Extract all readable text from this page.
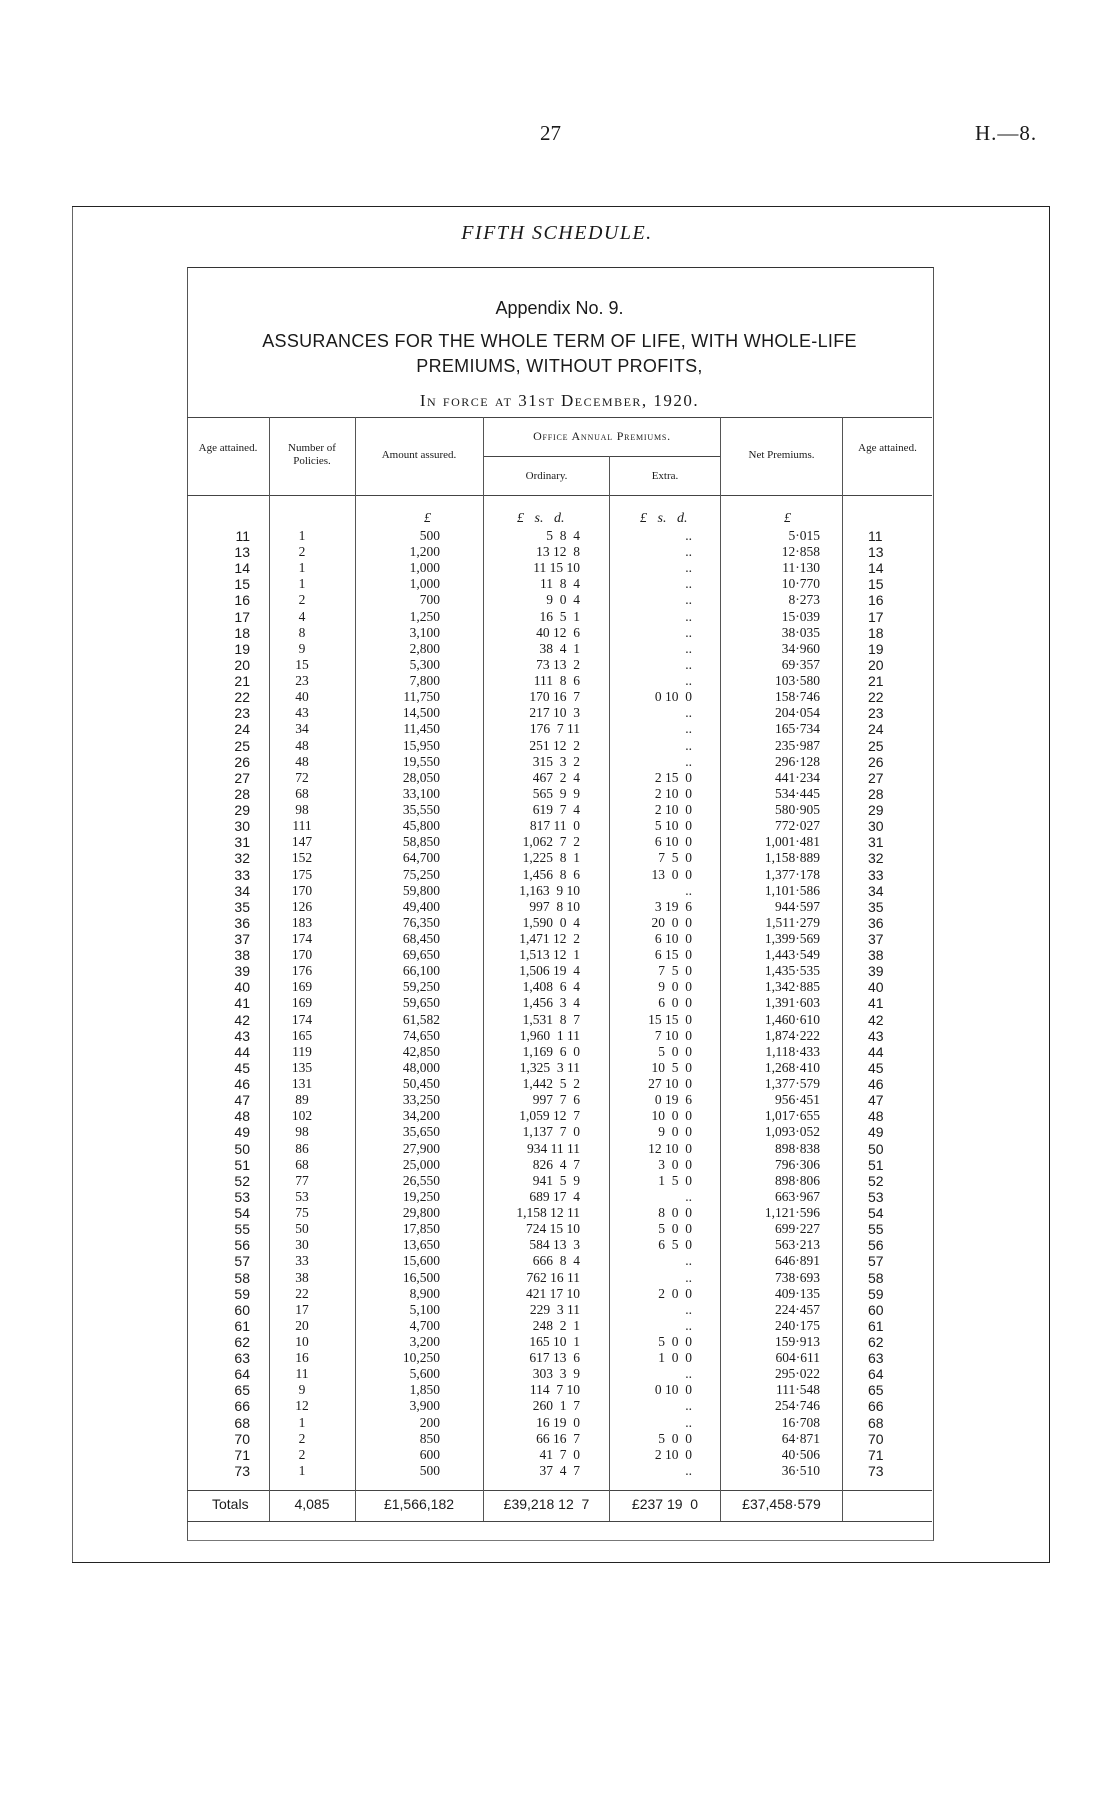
27	H.—8.
FIFTH SCHEDULE.
Appendix No. 9.
ASSURANCES FOR THE WHOLE TERM OF LIFE, WITH WHOLE-LIFE
PREMIUMS, WITHOUT PROFITS,
In force at 31st December, 1920.
Age attained.	Number of Policies.	Amount assured.
Office Annual Premiums.
Ordinary.	Extra.
Net Premiums.
Age attained.
£	£   s.   d.	£   s.   d.	£
11	1	500	5  8  4	..	5·015	11
13	2	1,200	13 12  8	..	12·858	13
14	1	1,000	11 15 10	..	11·130	14
15	1	1,000	11  8  4	..	10·770	15
16	2	700	9  0  4	..	8·273	16
17	4	1,250	16  5  1	..	15·039	17
18	8	3,100	40 12  6	..	38·035	18
19	9	2,800	38  4  1	..	34·960	19
20	15	5,300	73 13  2	..	69·357	20
21	23	7,800	111  8  6	..	103·580	21
22	40	11,750	170 16  7	0 10  0	158·746	22
23	43	14,500	217 10  3	..	204·054	23
24	34	11,450	176  7 11	..	165·734	24
25	48	15,950	251 12  2	..	235·987	25
26	48	19,550	315  3  2	..	296·128	26
27	72	28,050	467  2  4	2 15  0	441·234	27
28	68	33,100	565  9  9	2 10  0	534·445	28
29	98	35,550	619  7  4	2 10  0	580·905	29
30	111	45,800	817 11  0	5 10  0	772·027	30
31	147	58,850	1,062  7  2	6 10  0	1,001·481	31
32	152	64,700	1,225  8  1	7  5  0	1,158·889	32
33	175	75,250	1,456  8  6	13  0  0	1,377·178	33
34	170	59,800	1,163  9 10	..	1,101·586	34
35	126	49,400	997  8 10	3 19  6	944·597	35
36	183	76,350	1,590  0  4	20  0  0	1,511·279	36
37	174	68,450	1,471 12  2	6 10  0	1,399·569	37
38	170	69,650	1,513 12  1	6 15  0	1,443·549	38
39	176	66,100	1,506 19  4	7  5  0	1,435·535	39
40	169	59,250	1,408  6  4	9  0  0	1,342·885	40
41	169	59,650	1,456  3  4	6  0  0	1,391·603	41
42	174	61,582	1,531  8  7	15 15  0	1,460·610	42
43	165	74,650	1,960  1 11	7 10  0	1,874·222	43
44	119	42,850	1,169  6  0	5  0  0	1,118·433	44
45	135	48,000	1,325  3 11	10  5  0	1,268·410	45
46	131	50,450	1,442  5  2	27 10  0	1,377·579	46
47	89	33,250	997  7  6	0 19  6	956·451	47
48	102	34,200	1,059 12  7	10  0  0	1,017·655	48
49	98	35,650	1,137  7  0	9  0  0	1,093·052	49
50	86	27,900	934 11 11	12 10  0	898·838	50
51	68	25,000	826  4  7	3  0  0	796·306	51
52	77	26,550	941  5  9	1  5  0	898·806	52
53	53	19,250	689 17  4	..	663·967	53
54	75	29,800	1,158 12 11	8  0  0	1,121·596	54
55	50	17,850	724 15 10	5  0  0	699·227	55
56	30	13,650	584 13  3	6  5  0	563·213	56
57	33	15,600	666  8  4	..	646·891	57
58	38	16,500	762 16 11	..	738·693	58
59	22	8,900	421 17 10	2  0  0	409·135	59
60	17	5,100	229  3 11	..	224·457	60
61	20	4,700	248  2  1	..	240·175	61
62	10	3,200	165 10  1	5  0  0	159·913	62
63	16	10,250	617 13  6	1  0  0	604·611	63
64	11	5,600	303  3  9	..	295·022	64
65	9	1,850	114  7 10	0 10  0	111·548	65
66	12	3,900	260  1  7	..	254·746	66
68	1	200	16 19  0	..	16·708	68
70	2	850	66 16  7	5  0  0	64·871	70
71	2	600	41  7  0	2 10  0	40·506	71
73	1	500	37  4  7	..	36·510	73
Totals	4,085	£1,566,182	£39,218 12  7	£237 19  0	£37,458·579
